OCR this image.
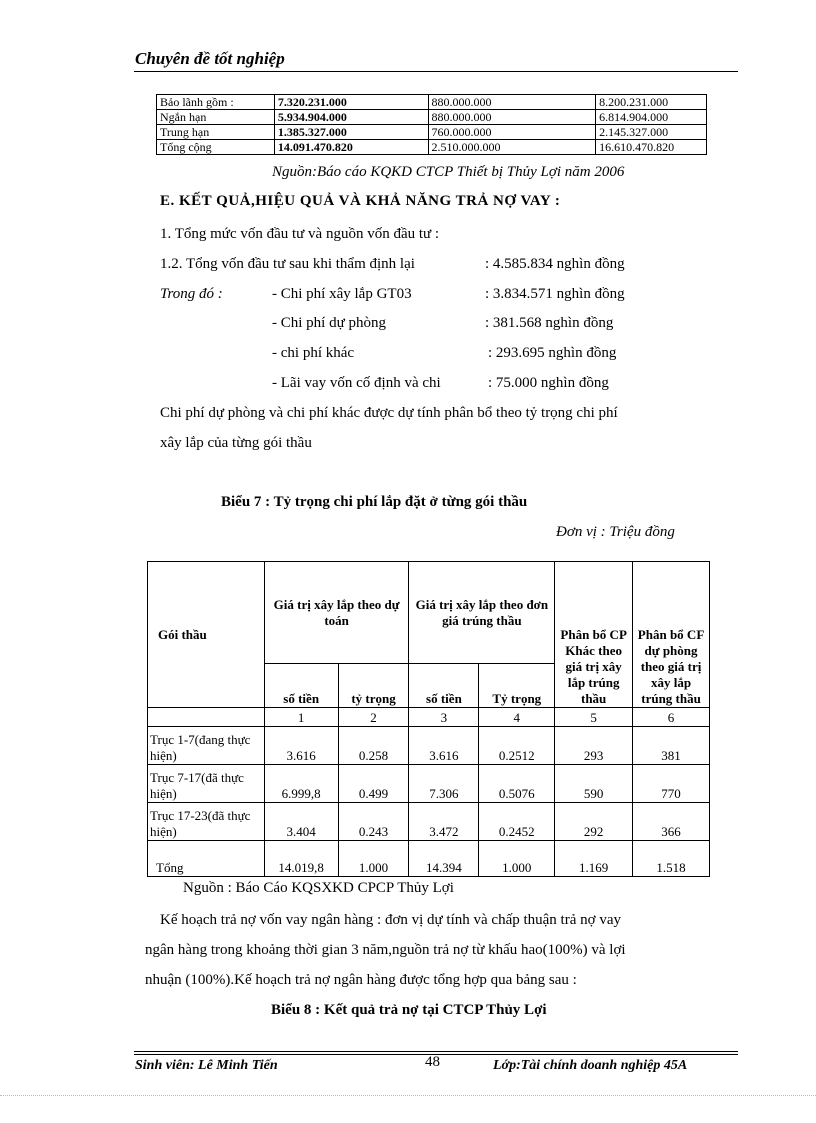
Chuyên đề tốt nghiệp
Bảo lãnh gồm :	7.320.231.000	880.000.000	8.200.231.000
Ngắn hạn	5.934.904.000	880.000.000	6.814.904.000
Trung hạn	1.385.327.000	760.000.000	2.145.327.000
Tổng cộng	14.091.470.820	2.510.000.000	16.610.470.820
Nguồn:Báo cáo KQKD CTCP Thiết bị Thủy Lợi năm 2006
E. KẾT QUẢ,HIỆU QUẢ VÀ KHẢ NĂNG TRẢ NỢ VAY :
1. Tổng mức vốn đầu tư và nguồn vốn đầu tư :
1.2. Tổng vốn đầu tư sau khi thẩm định lại	: 4.585.834 nghìn đồng
Trong đó :	- Chi phí xây lắp GT03	: 3.834.571 nghìn đồng
- Chi phí dự phòng	: 381.568 nghìn đồng
- chi phí khác	: 293.695 nghìn đồng
- Lãi vay vốn cố định và chi	: 75.000 nghìn đồng
Chi phí dự phòng và chi phí khác được dự tính phân bổ theo tỷ trọng chi phí
xây lắp của từng gói thầu
Biểu 7 : Tỷ trọng chi phí lắp đặt ở từng gói thầu
Đơn vị : Triệu đồng
Gói thầu	Giá trị xây lắp theo dự toán		Giá trị xây lắp theo đơn giá trúng thầu		Phân bổ CP Khác theo giá trị xây lắp trúng thầu	Phân bổ CF dự phòng theo giá trị xây lắp trúng thầu
	số tiền	tỷ trọng	số tiền	Tỷ trọng		
	1	2	3	4	5	6
Trục 1-7(đang thực hiện)	3.616	0.258	3.616	0.2512	293	381
Trục 7-17(đã thực hiện)	6.999,8	0.499	7.306	0.5076	590	770
Trục 17-23(đã thực hiện)	3.404	0.243	3.472	0.2452	292	366
Tổng	14.019,8	1.000	14.394	1.000	1.169	1.518
Nguồn : Báo Cáo KQSXKD CPCP Thủy Lợi
Kế hoạch trả nợ vốn vay ngân hàng : đơn vị dự tính và chấp thuận trả nợ vay
ngân hàng trong khoảng thời gian 3 năm,nguồn trả nợ từ khấu hao(100%) và lợi
nhuận (100%).Kế hoạch trả nợ ngân hàng được tổng hợp qua bảng sau :
Biểu 8 : Kết quả trả nợ tại CTCP Thủy Lợi
Sinh viên: Lê Minh Tiến	48	Lớp:Tài chính doanh nghiệp 45A
